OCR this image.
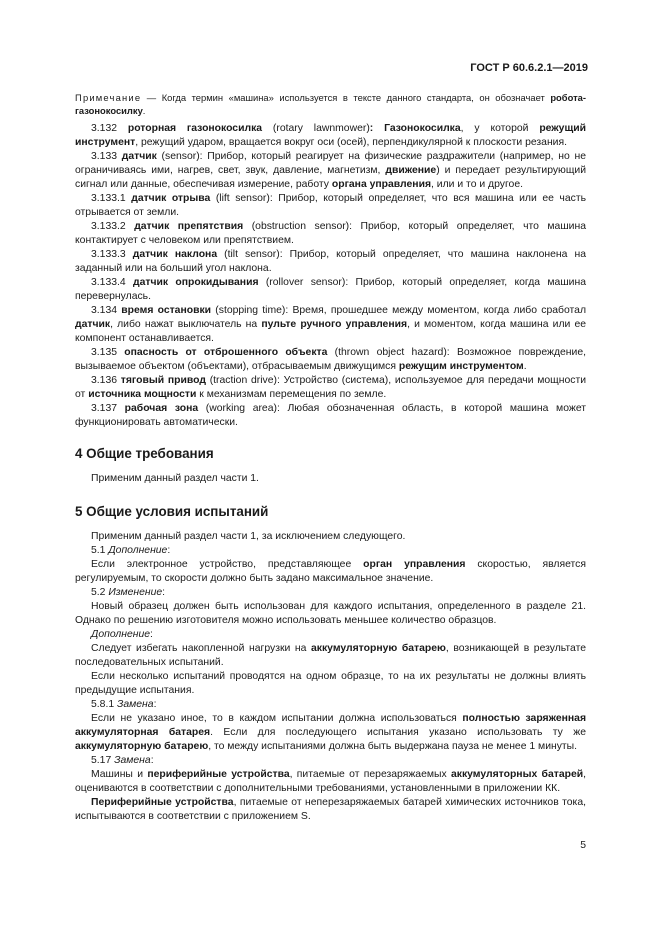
ГОСТ Р 60.6.2.1—2019

Примечание — Когда термин «машина» используется в тексте данного стандарта, он обозначает робота-газонокосилку.

3.132 роторная газонокосилка (rotary lawnmower): Газонокосилка, у которой режущий инструмент, режущий ударом, вращается вокруг оси (осей), перпендикулярной к плоскости резания.

3.133 датчик (sensor): Прибор, который реагирует на физические раздражители (например, но не ограничиваясь ими, нагрев, свет, звук, давление, магнетизм, движение) и передает результирующий сигнал или данные, обеспечивая измерение, работу органа управления, или и то и другое.

3.133.1 датчик отрыва (lift sensor): Прибор, который определяет, что вся машина или ее часть отрывается от земли.

3.133.2 датчик препятствия (obstruction sensor): Прибор, который определяет, что машина контактирует с человеком или препятствием.

3.133.3 датчик наклона (tilt sensor): Прибор, который определяет, что машина наклонена на заданный или на больший угол наклона.

3.133.4 датчик опрокидывания (rollover sensor): Прибор, который определяет, когда машина перевернулась.

3.134 время остановки (stopping time): Время, прошедшее между моментом, когда либо сработал датчик, либо нажат выключатель на пульте ручного управления, и моментом, когда машина или ее компонент останавливается.

3.135 опасность от отброшенного объекта (thrown object hazard): Возможное повреждение, вызываемое объектом (объектами), отбрасываемым движущимся режущим инструментом.

3.136 тяговый привод (traction drive): Устройство (система), используемое для передачи мощности от источника мощности к механизмам перемещения по земле.

3.137 рабочая зона (working area): Любая обозначенная область, в которой машина может функционировать автоматически.

4 Общие требования

Применим данный раздел части 1.

5 Общие условия испытаний

Применим данный раздел части 1, за исключением следующего.

5.1 Дополнение:

Если электронное устройство, представляющее орган управления скоростью, является регулируемым, то скорости должно быть задано максимальное значение.

5.2 Изменение:

Новый образец должен быть использован для каждого испытания, определенного в разделе 21. Однако по решению изготовителя можно использовать меньшее количество образцов.

Дополнение:

Следует избегать накопленной нагрузки на аккумуляторную батарею, возникающей в результате последовательных испытаний.

Если несколько испытаний проводятся на одном образце, то на их результаты не должны влиять предыдущие испытания.

5.8.1 Замена:

Если не указано иное, то в каждом испытании должна использоваться полностью заряженная аккумуляторная батарея. Если для последующего испытания указано использовать ту же аккумуляторную батарею, то между испытаниями должна быть выдержана пауза не менее 1 минуты.

5.17 Замена:

Машины и периферийные устройства, питаемые от перезаряжаемых аккумуляторных батарей, оцениваются в соответствии с дополнительными требованиями, установленными в приложении КК.

Периферийные устройства, питаемые от неперезаряжаемых батарей химических источников тока, испытываются в соответствии с приложением S.

5
